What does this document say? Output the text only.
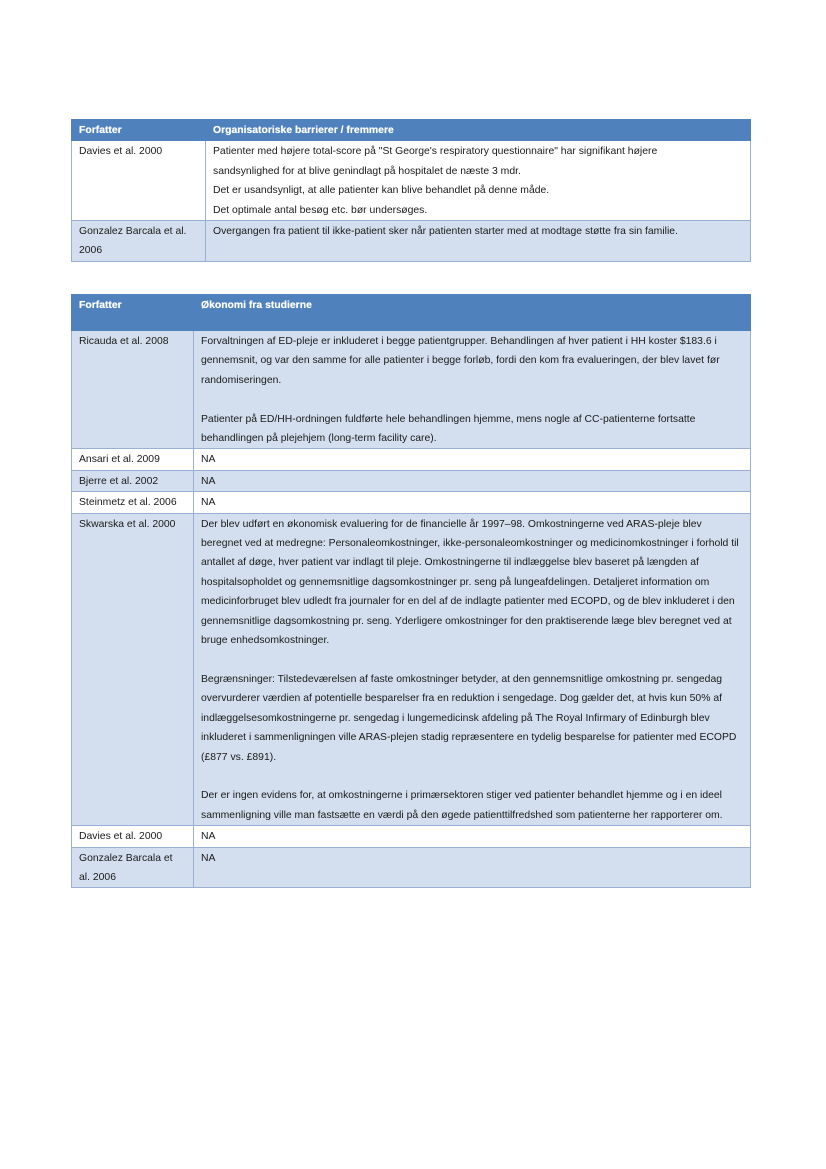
Forfatter	Organisatoriske barrierer / fremmere
Davies et al. 2000	Patienter med højere total-score på "St George's respiratory questionnaire" har signifikant højere
sandsynlighed for at blive genindlagt på hospitalet de næste 3 mdr.
Det er usandsynligt, at alle patienter kan blive behandlet på denne måde.
Det optimale antal besøg etc. bør undersøges.

Gonzalez Barcala et al. 2006	Overgangen fra patient til ikke-patient sker når patienten starter med at modtage støtte fra sin familie.
Forfatter	Økonomi fra studierne
Ricauda et al. 2008	Forvaltningen af ED-pleje er inkluderet i begge patientgrupper. Behandlingen af hver patient i HH koster $183.6 i gennemsnit, og var den samme for alle patienter i begge forløb, fordi den kom fra evalueringen, der blev lavet før randomiseringen.

Patienter på ED/HH-ordningen fuldførte hele behandlingen hjemme, mens nogle af CC-patienterne fortsatte behandlingen på plejehjem (long-term facility care).

Ansari et al. 2009	NA
Bjerre et al. 2002	NA
Steinmetz et al. 2006	NA
Skwarska et al. 2000	Der blev udført en økonomisk evaluering for de financielle år 1997–98. Omkostningerne ved ARAS-pleje blev beregnet ved at medregne: Personaleomkostninger, ikke-personaleomkostninger og medicinomkostninger i forhold til antallet af døge, hver patient var indlagt til pleje. Omkostningerne til indlæggelse blev baseret på længden af hospitalsopholdet og gennemsnitlige dagsomkostninger pr. seng på lungeafdelingen. Detaljeret information om medicinforbruget blev udledt fra journaler for en del af de indlagte patienter med ECOPD, og de blev inkluderet i den gennemsnitlige dagsomkostning pr. seng. Yderligere omkostninger for den praktiserende læge blev beregnet ved at bruge enhedsomkostninger.

Begrænsninger: Tilstedeværelsen af faste omkostninger betyder, at den gennemsnitlige omkostning pr. sengedag overvurderer værdien af potentielle besparelser fra en reduktion i sengedage. Dog gælder det, at hvis kun 50% af indlæggelsesomkostningerne pr. sengedag i lungemedicinsk afdeling på The Royal Infirmary of Edinburgh blev inkluderet i sammenligningen ville ARAS-plejen stadig repræsentere en tydelig besparelse for patienter med ECOPD (£877 vs. £891).

Der er ingen evidens for, at omkostningerne i primærsektoren stiger ved patienter behandlet hjemme og i en ideel sammenligning ville man fastsætte en værdi på den øgede patienttilfredshed som patienterne her rapporterer om.

Davies et al. 2000	NA
Gonzalez Barcala et al. 2006	NA
